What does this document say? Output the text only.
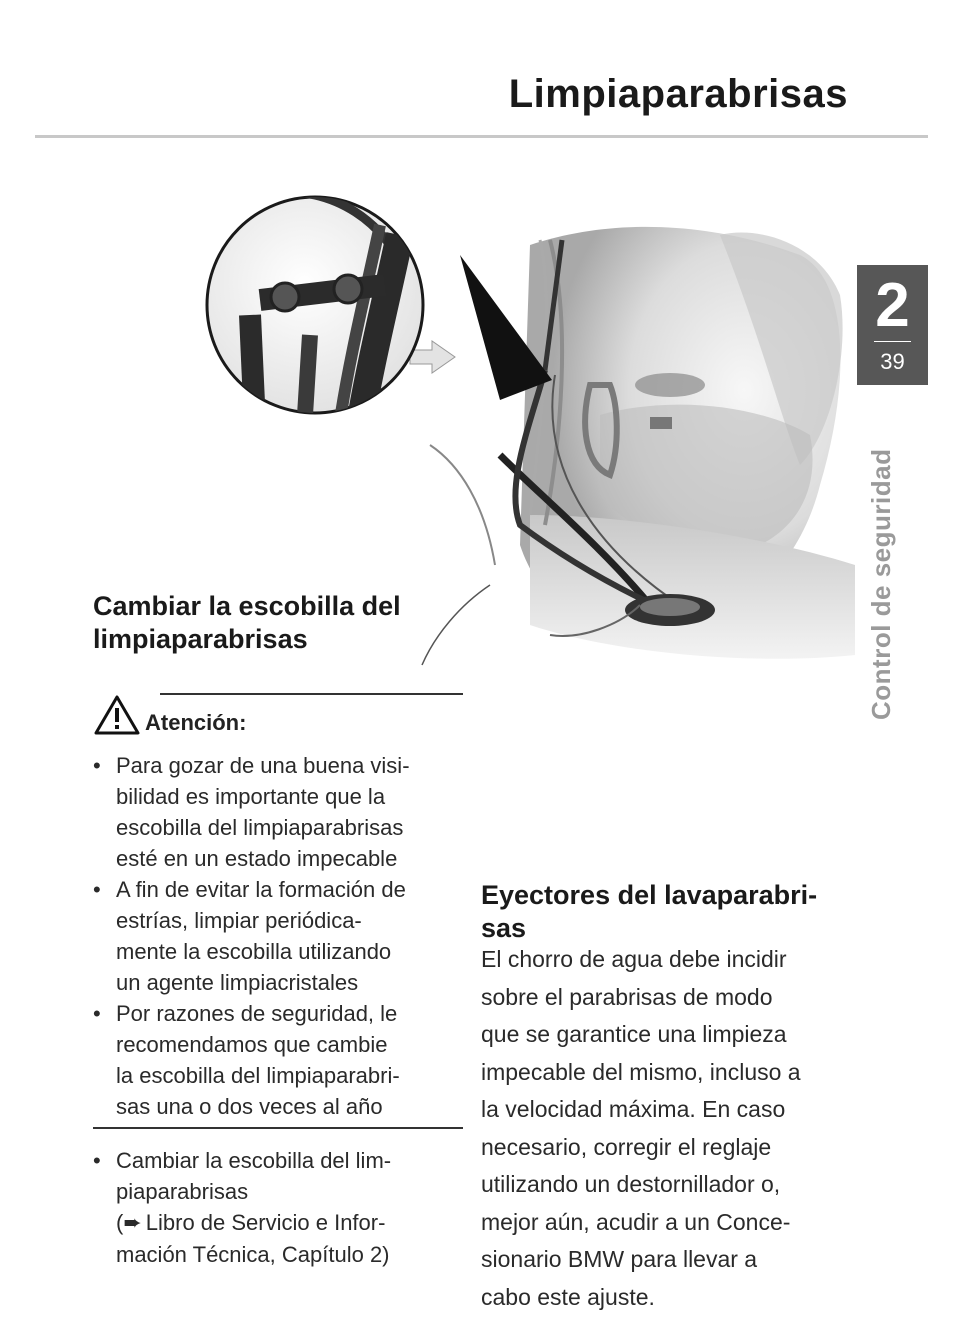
Limpiaparabrisas
2
39
Control de seguridad
Cambiar la escobilla del
limpiaparabrisas
Atención:
• Para gozar de una buena visi-
bilidad es importante que la
escobilla del limpiaparabrisas
esté en un estado impecable
• A fin de evitar la formación de
estrías, limpiar periódica-
mente la escobilla utilizando
un agente limpiacristales
• Por razones de seguridad, le
recomendamos que cambie
la escobilla del limpiaparabri-
sas una o dos veces al año
• Cambiar la escobilla del lim-
piaparabrisas
(➨ Libro de Servicio e Infor-
mación Técnica, Capítulo 2)
Eyectores del lavaparabri-
sas
El chorro de agua debe incidir
sobre el parabrisas de modo
que se garantice una limpieza
impecable del mismo, incluso a
la velocidad máxima. En caso
necesario, corregir el reglaje
utilizando un destornillador o,
mejor aún, acudir a un Conce-
sionario BMW para llevar a
cabo este ajuste.
